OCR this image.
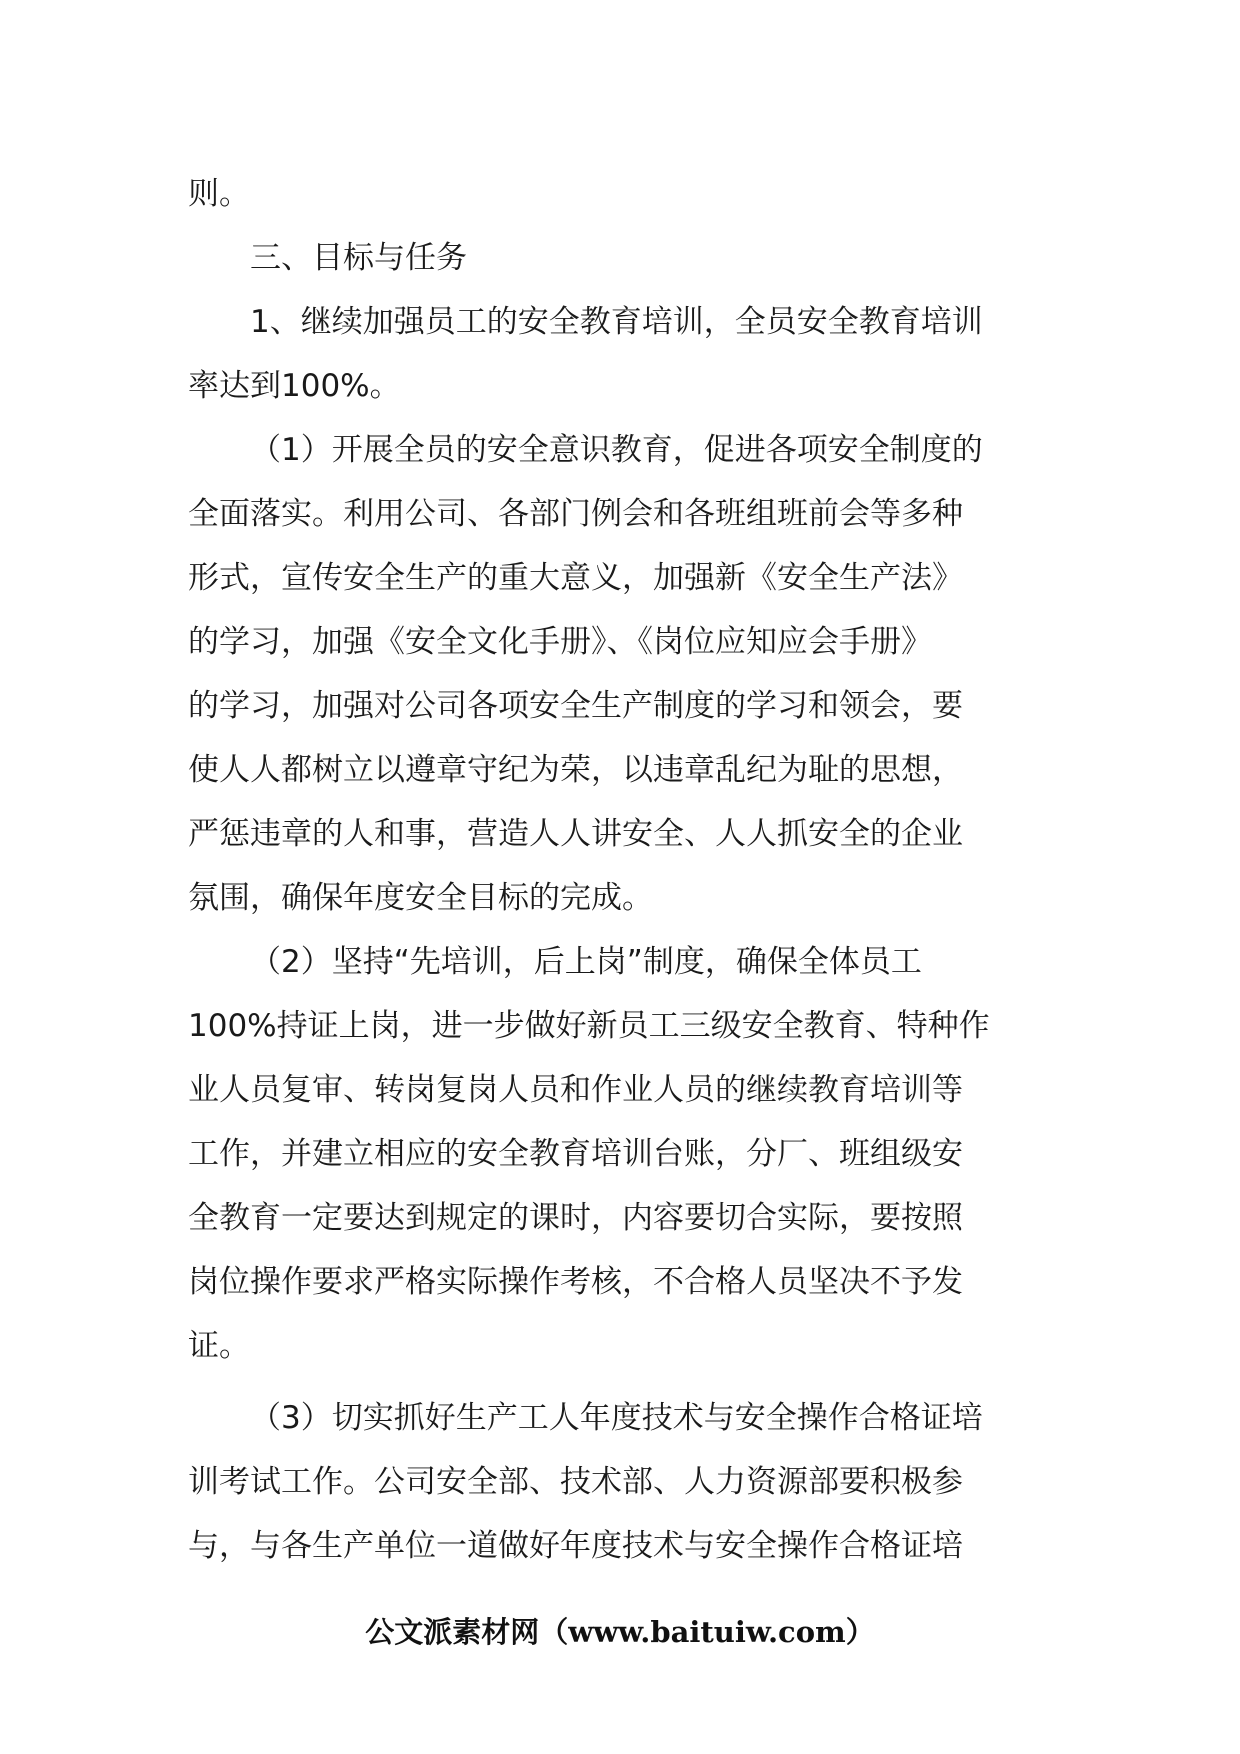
则。
三、目标与任务
1、继续加强员工的安全教育培训，全员安全教育培训
率达到100%。
（1）开展全员的安全意识教育，促进各项安全制度的
全面落实。利用公司、各部门例会和各班组班前会等多种
形式，宣传安全生产的重大意义，加强新《安全生产法》
的学习，加强《安全文化手册》、《岗位应知应会手册》
的学习，加强对公司各项安全生产制度的学习和领会，要
使人人都树立以遵章守纪为荣，以违章乱纪为耻的思想，
严惩违章的人和事，营造人人讲安全、人人抓安全的企业
氛围，确保年度安全目标的完成。
（2）坚持“先培训，后上岗”制度，确保全体员工
100%持证上岗，进一步做好新员工三级安全教育、特种作
业人员复审、转岗复岗人员和作业人员的继续教育培训等
工作，并建立相应的安全教育培训台账，分厂、班组级安
全教育一定要达到规定的课时，内容要切合实际，要按照
岗位操作要求严格实际操作考核，不合格人员坚决不予发
证。
（3）切实抓好生产工人年度技术与安全操作合格证培
训考试工作。公司安全部、技术部、人力资源部要积极参
与，与各生产单位一道做好年度技术与安全操作合格证培
公文派素材网（www.baituiw.com）
